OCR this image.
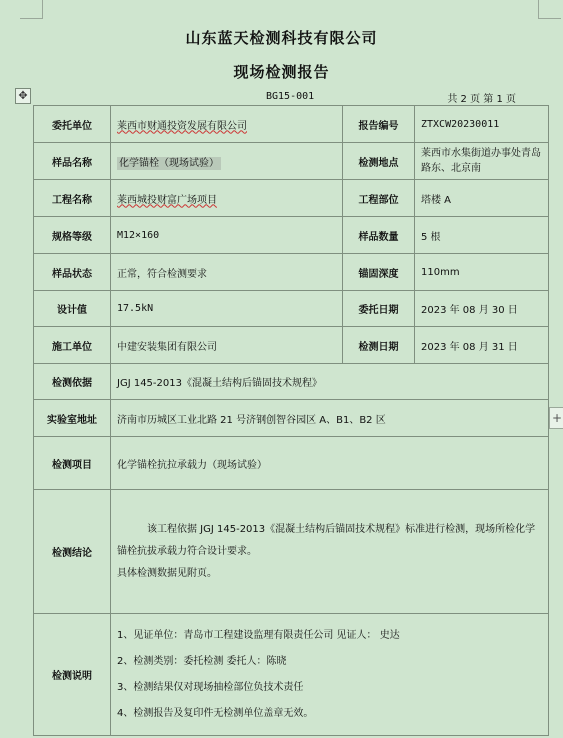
山东蓝天检测科技有限公司
现场检测报告
✥	BG15-001	共 2 页 第 1 页
委托单位	莱西市财通投资发展有限公司	报告编号	ZTXCW20230011
样品名称	化学锚栓（现场试验）	检测地点	莱西市水集街道办事处青岛路东、北京南
工程名称	莱西城投财富广场项目	工程部位	塔楼 A
规格等级	M12×160	样品数量	5 根
样品状态	正常，符合检测要求	锚固深度	110mm
设计值	17.5kN	委托日期	2023 年 08 月 30 日
施工单位	中建安装集团有限公司	检测日期	2023 年 08 月 31 日
检测依据	JGJ 145-2013《混凝土结构后锚固技术规程》		
实验室地址	济南市历城区工业北路 21 号济钢创智谷园区 A、B1、B2 区		
检测项目	化学锚栓抗拉承载力（现场试验）		
检测结论	该工程依据 JGJ 145-2013《混凝土结构后锚固技术规程》标准进行检测，现场所检化学锚栓抗拔承载力符合设计要求。

具体检测数据见附页。		

检测说明	1、见证单位：青岛市工程建设监理有限责任公司 见证人： 史达

2、检测类别：委托检测 委托人：陈晓

3、检测结果仅对现场抽检部位负技术责任

4、检测报告及复印件无检测单位盖章无效。		

+
